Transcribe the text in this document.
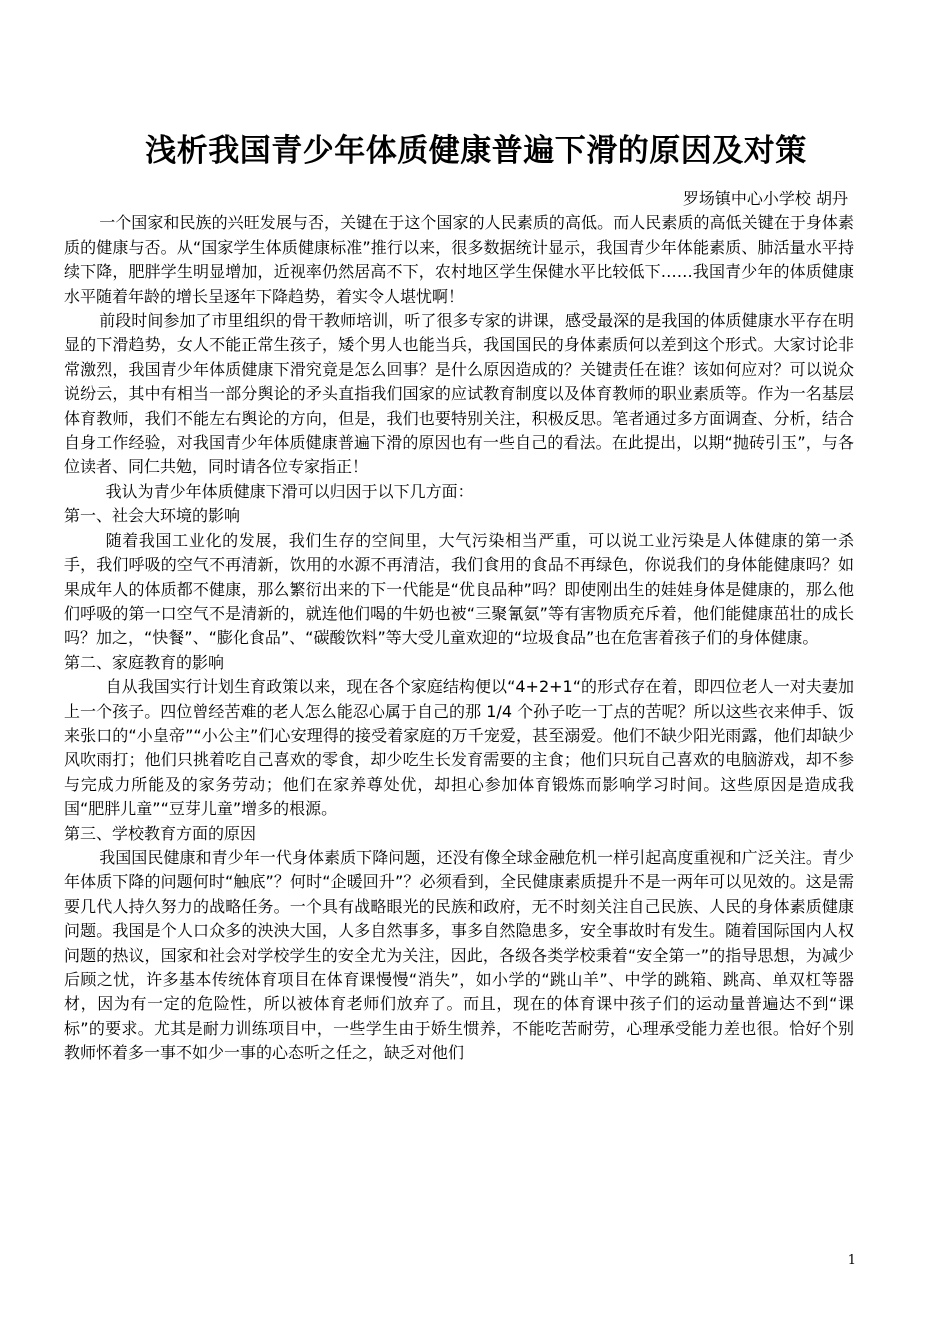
浅析我国青少年体质健康普遍下滑的原因及对策

罗场镇中心小学校 胡丹

一个国家和民族的兴旺发展与否，关键在于这个国家的人民素质的高低。而人民素质的高低关键在于身体素质的健康与否。从“国家学生体质健康标准”推行以来，很多数据统计显示，我国青少年体能素质、肺活量水平持续下降，肥胖学生明显增加，近视率仍然居高不下，农村地区学生保健水平比较低下……我国青少年的体质健康水平随着年龄的增长呈逐年下降趋势，着实令人堪忧啊！

前段时间参加了市里组织的骨干教师培训，听了很多专家的讲课，感受最深的是我国的体质健康水平存在明显的下滑趋势，女人不能正常生孩子，矮个男人也能当兵，我国国民的身体素质何以差到这个形式。大家讨论非常激烈，我国青少年体质健康下滑究竟是怎么回事？是什么原因造成的？关键责任在谁？该如何应对？可以说众说纷云，其中有相当一部分舆论的矛头直指我们国家的应试教育制度以及体育教师的职业素质等。作为一名基层体育教师，我们不能左右舆论的方向，但是，我们也要特别关注，积极反思。笔者通过多方面调查、分析，结合自身工作经验，对我国青少年体质健康普遍下滑的原因也有一些自己的看法。在此提出，以期“抛砖引玉”，与各位读者、同仁共勉，同时请各位专家指正！

我认为青少年体质健康下滑可以归因于以下几方面：

第一、社会大环境的影响

随着我国工业化的发展，我们生存的空间里，大气污染相当严重，可以说工业污染是人体健康的第一杀手，我们呼吸的空气不再清新，饮用的水源不再清洁，我们食用的食品不再绿色，你说我们的身体能健康吗？如果成年人的体质都不健康，那么繁衍出来的下一代能是“优良品种”吗？即使刚出生的娃娃身体是健康的，那么他们呼吸的第一口空气不是清新的，就连他们喝的牛奶也被“三聚氰氨”等有害物质充斥着，他们能健康茁壮的成长吗？加之，“快餐”、“膨化食品”、“碳酸饮料”等大受儿童欢迎的“垃圾食品”也在危害着孩子们的身体健康。

第二、家庭教育的影响

自从我国实行计划生育政策以来，现在各个家庭结构便以“4+2+1“的形式存在着，即四位老人一对夫妻加上一个孩子。四位曾经苦难的老人怎么能忍心属于自己的那 1/4 个孙子吃一丁点的苦呢？所以这些衣来伸手、饭来张口的“小皇帝”“小公主”们心安理得的接受着家庭的万千宠爱，甚至溺爱。他们不缺少阳光雨露，他们却缺少风吹雨打；他们只挑着吃自己喜欢的零食，却少吃生长发育需要的主食；他们只玩自己喜欢的电脑游戏，却不参与完成力所能及的家务劳动；他们在家养尊处优，却担心参加体育锻炼而影响学习时间。这些原因是造成我国“肥胖儿童”“豆芽儿童”增多的根源。

第三、学校教育方面的原因

我国国民健康和青少年一代身体素质下降问题，还没有像全球金融危机一样引起高度重视和广泛关注。青少年体质下降的问题何时“触底”？何时“企暖回升”？必须看到，全民健康素质提升不是一两年可以见效的。这是需要几代人持久努力的战略任务。一个具有战略眼光的民族和政府，无不时刻关注自己民族、人民的身体素质健康问题。我国是个人口众多的泱泱大国，人多自然事多，事多自然隐患多，安全事故时有发生。随着国际国内人权问题的热议，国家和社会对学校学生的安全尤为关注，因此，各级各类学校秉着“安全第一”的指导思想，为减少后顾之忧，许多基本传统体育项目在体育课慢慢“消失”，如小学的“跳山羊”、中学的跳箱、跳高、单双杠等器材，因为有一定的危险性，所以被体育老师们放弃了。而且，现在的体育课中孩子们的运动量普遍达不到“课标”的要求。尤其是耐力训练项目中，一些学生由于娇生惯养，不能吃苦耐劳，心理承受能力差也很。恰好个别教师怀着多一事不如少一事的心态听之任之，缺乏对他们

1
